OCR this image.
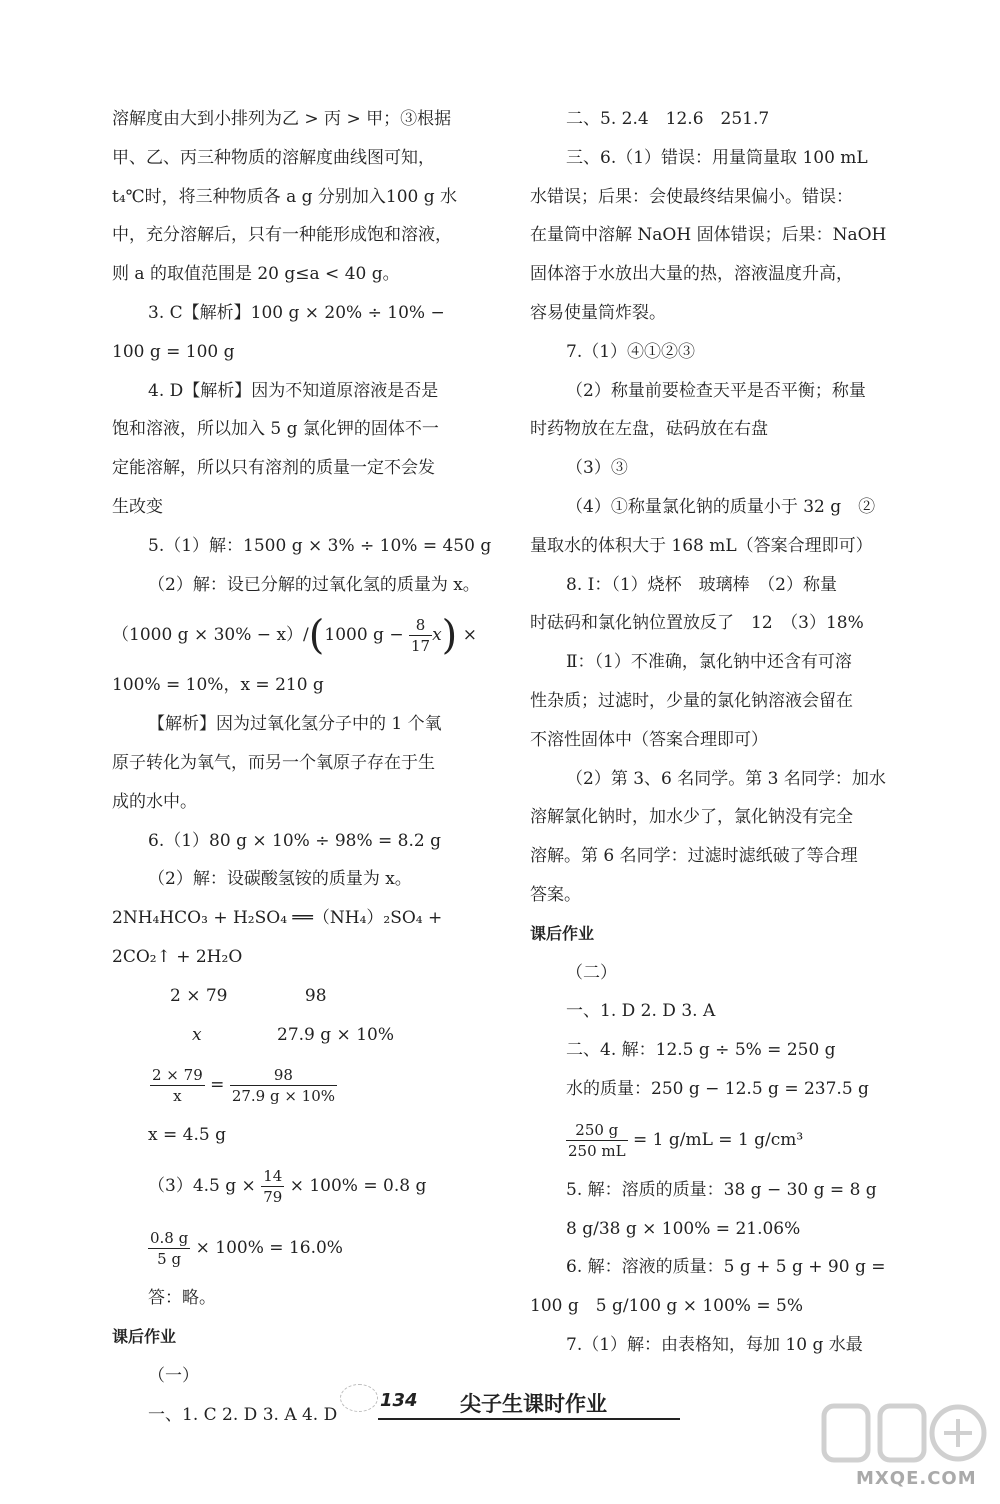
溶解度由大到小排列为乙 > 丙 > 甲；③根据
甲、乙、丙三种物质的溶解度曲线图可知，
t₄℃时，将三种物质各 a g 分别加入100 g 水
中，充分溶解后，只有一种能形成饱和溶液，
则 a 的取值范围是 20 g≤a < 40 g。
3. C【解析】100 g × 20% ÷ 10% −
100 g = 100 g
4. D【解析】因为不知道原溶液是否是
饱和溶液，所以加入 5 g 氯化钾的固体不一
定能溶解，所以只有溶剂的质量一定不会发
生改变
5.（1）解：1500 g × 3% ÷ 10% = 450 g
（2）解：设已分解的过氧化氢的质量为 x。
（1000 g × 30% − x）/(1000 $g - \frac{8}{17} x$) ×
100% = 10%，x = 210 g
【解析】因为过氧化氢分子中的 1 个氧
原子转化为氧气，而另一个氧原子存在于生
成的水中。
6.（1）80 g × 10% ÷ 98% = 8.2 g
（2）解：设碳酸氢铵的质量为 x。
2NH₄HCO₃ + H₂SO₄ ══（NH₄）₂SO₄ +
2CO₂↑ + 2H₂O
2 × 79	98
x	27.9 g × 10%
$\frac{2 \times 79}{x} = \frac{98}{27.9 g \times 10\%}$
x = 4.5 g
（3）4.5 $g \times \frac{14}{79} \times 100\% = 0.8$ g
$\frac{0.8 g}{5 g} \times 100\% = 16.0\%$
答：略。
课后作业
（一）
一、1. C 2. D 3. A 4. D
二、5. 2.4　12.6　251.7
三、6.（1）错误：用量筒量取 100 mL
水错误；后果：会使最终结果偏小。错误：
在量筒中溶解 NaOH 固体错误；后果：NaOH
固体溶于水放出大量的热，溶液温度升高，
容易使量筒炸裂。
7.（1）④①②③
（2）称量前要检查天平是否平衡；称量
时药物放在左盘，砝码放在右盘
（3）③
（4）①称量氯化钠的质量小于 32 g　②
量取水的体积大于 168 mL（答案合理即可）
8. Ⅰ：（1）烧杯　玻璃棒　（2）称量
时砝码和氯化钠位置放反了　12　（3）18%
Ⅱ：（1）不准确，氯化钠中还含有可溶
性杂质；过滤时，少量的氯化钠溶液会留在
不溶性固体中（答案合理即可）
（2）第 3、6 名同学。第 3 名同学：加水
溶解氯化钠时，加水少了，氯化钠没有完全
溶解。第 6 名同学：过滤时滤纸破了等合理
答案。
课后作业
（二）
一、1. D 2. D 3. A
二、4. 解：12.5 g ÷ 5% = 250 g
水的质量：250 g − 12.5 g = 237.5 g
$\frac{250 g}{250 mL} = 1$ g/mL = 1 g/cm³
5. 解：溶质的质量：38 g − 30 g = 8 g
8 g/38 g × 100% = 21.06%
6. 解：溶液的质量：5 g + 5 g + 90 g =
100 g　5 g/100 g × 100% = 5%
7.（1）解：由表格知，每加 10 g 水最
134 尖子生课时作业
MXQE.COM
